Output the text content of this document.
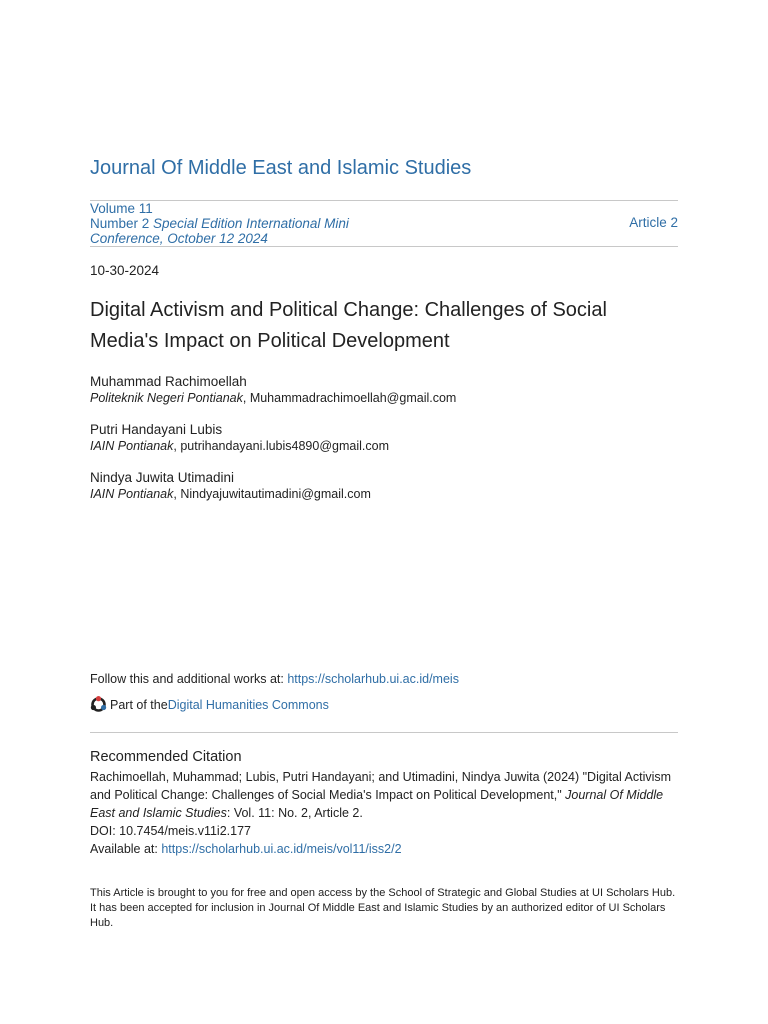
Journal Of Middle East and Islamic Studies
Volume 11
Number 2 Special Edition International Mini
Conference, October 12 2024
Article 2
10-30-2024
Digital Activism and Political Change: Challenges of Social Media's Impact on Political Development
Muhammad Rachimoellah
Politeknik Negeri Pontianak, Muhammadrachimoellah@gmail.com
Putri Handayani Lubis
IAIN Pontianak, putrihandayani.lubis4890@gmail.com
Nindya Juwita Utimadini
IAIN Pontianak, Nindyajuwitautimadini@gmail.com
Follow this and additional works at: https://scholarhub.ui.ac.id/meis
Part of the Digital Humanities Commons
Recommended Citation
Rachimoellah, Muhammad; Lubis, Putri Handayani; and Utimadini, Nindya Juwita (2024) "Digital Activism and Political Change: Challenges of Social Media's Impact on Political Development," Journal Of Middle East and Islamic Studies: Vol. 11: No. 2, Article 2.
DOI: 10.7454/meis.v11i2.177
Available at: https://scholarhub.ui.ac.id/meis/vol11/iss2/2
This Article is brought to you for free and open access by the School of Strategic and Global Studies at UI Scholars Hub. It has been accepted for inclusion in Journal Of Middle East and Islamic Studies by an authorized editor of UI Scholars Hub.
